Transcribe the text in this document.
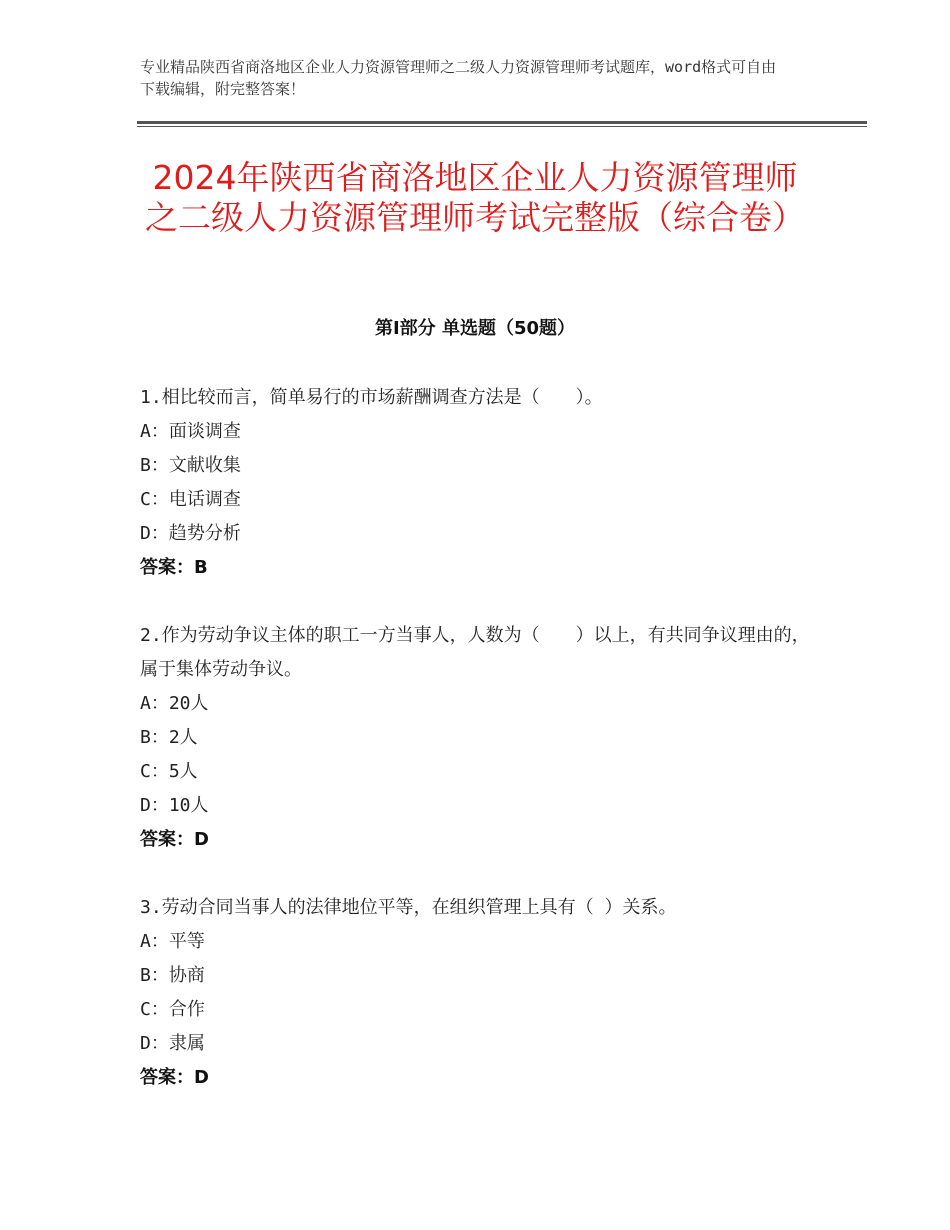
专业精品陕西省商洛地区企业人力资源管理师之二级人力资源管理师考试题库，word格式可自由下载编辑，附完整答案！
2024年陕西省商洛地区企业人力资源管理师之二级人力资源管理师考试完整版（综合卷）
第Ⅰ部分 单选题（50题）
1.相比较而言，简单易行的市场薪酬调查方法是（　　）。
A：面谈调查
B：文献收集
C：电话调查
D：趋势分析
答案：B
2.作为劳动争议主体的职工一方当事人，人数为（　　）以上，有共同争议理由的，属于集体劳动争议。
A：20人
B：2人
C：5人
D：10人
答案：D
3.劳动合同当事人的法律地位平等，在组织管理上具有（ ）关系。
A：平等
B：协商
C：合作
D：隶属
答案：D
